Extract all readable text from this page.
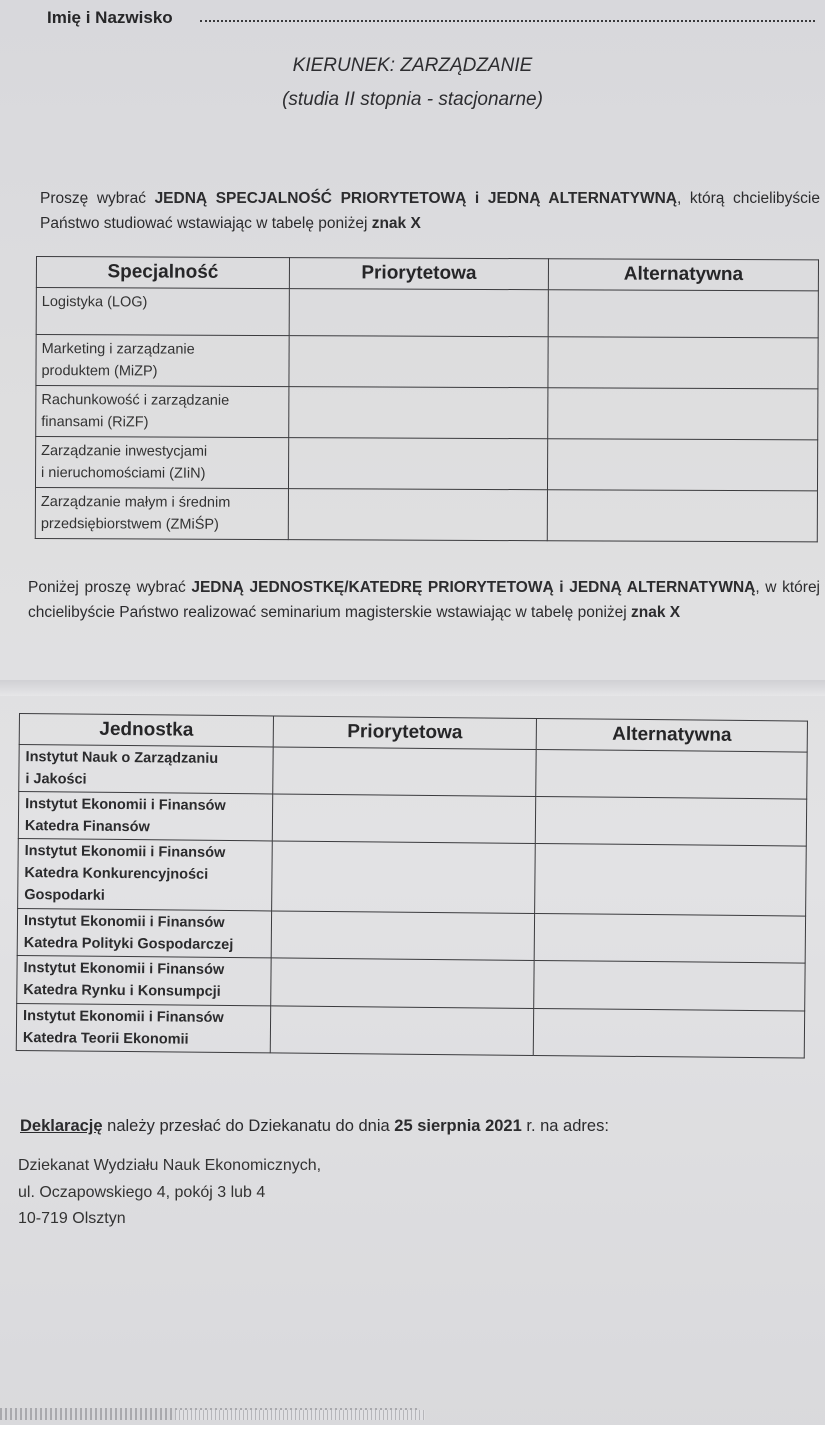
Imię i Nazwisko
KIERUNEK: ZARZĄDZANIE
(studia II stopnia - stacjonarne)
Proszę wybrać JEDNĄ SPECJALNOŚĆ PRIORYTETOWĄ i JEDNĄ ALTERNATYWNĄ, którą chcielibyście Państwo studiować wstawiając w tabelę poniżej znak X
Specjalność	Priorytetowa	Alternatywna

Logistyka (LOG)		

Marketing i zarządzanie
produktem (MiZP)		

Rachunkowość i zarządzanie
finansami (RiZF)		

Zarządzanie inwestycjami
i nieruchomościami (ZIiN)		

Zarządzanie małym i średnim
przedsiębiorstwem (ZMiŚP)		

Poniżej proszę wybrać JEDNĄ JEDNOSTKĘ/KATEDRĘ PRIORYTETOWĄ i JEDNĄ ALTERNATYWNĄ, w której chcielibyście Państwo realizować seminarium magisterskie wstawiając w tabelę poniżej znak X
Jednostka	Priorytetowa	Alternatywna

Instytut Nauk o Zarządzaniu
i Jakości		

Instytut Ekonomii i Finansów
Katedra Finansów		

Instytut Ekonomii i Finansów
Katedra Konkurencyjności
Gospodarki		

Instytut Ekonomii i Finansów
Katedra Polityki Gospodarczej		

Instytut Ekonomii i Finansów
Katedra Rynku i Konsumpcji		

Instytut Ekonomii i Finansów
Katedra Teorii Ekonomii		

Deklarację należy przesłać do Dziekanatu do dnia 25 sierpnia 2021 r. na adres:
Dziekanat Wydziału Nauk Ekonomicznych,
ul. Oczapowskiego 4, pokój 3 lub 4
10-719 Olsztyn
